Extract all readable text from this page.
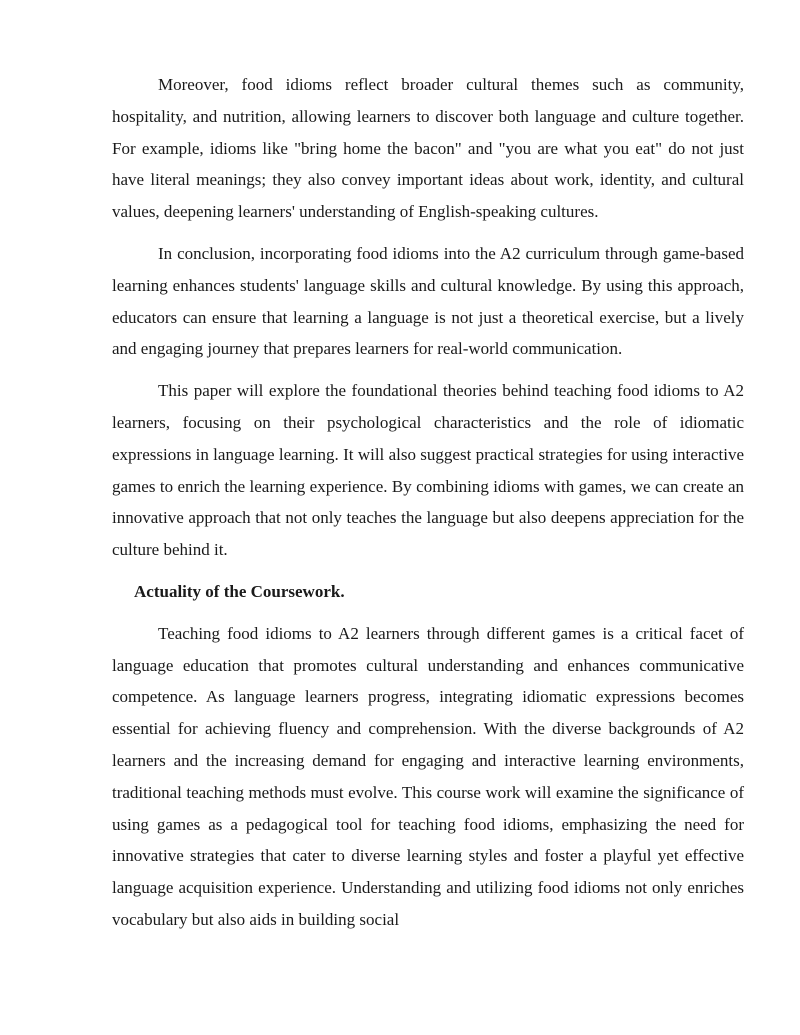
Moreover, food idioms reflect broader cultural themes such as community, hospitality, and nutrition, allowing learners to discover both language and culture together. For example, idioms like "bring home the bacon" and "you are what you eat" do not just have literal meanings; they also convey important ideas about work, identity, and cultural values, deepening learners' understanding of English-speaking cultures.

In conclusion, incorporating food idioms into the A2 curriculum through game-based learning enhances students' language skills and cultural knowledge. By using this approach, educators can ensure that learning a language is not just a theoretical exercise, but a lively and engaging journey that prepares learners for real-world communication.

This paper will explore the foundational theories behind teaching food idioms to A2 learners, focusing on their psychological characteristics and the role of idiomatic expressions in language learning. It will also suggest practical strategies for using interactive games to enrich the learning experience. By combining idioms with games, we can create an innovative approach that not only teaches the language but also deepens appreciation for the culture behind it.

Actuality of the Coursework.

Teaching food idioms to A2 learners through different games is a critical facet of language education that promotes cultural understanding and enhances communicative competence. As language learners progress, integrating idiomatic expressions becomes essential for achieving fluency and comprehension. With the diverse backgrounds of A2 learners and the increasing demand for engaging and interactive learning environments, traditional teaching methods must evolve. This course work will examine the significance of using games as a pedagogical tool for teaching food idioms, emphasizing the need for innovative strategies that cater to diverse learning styles and foster a playful yet effective language acquisition experience. Understanding and utilizing food idioms not only enriches vocabulary but also aids in building social
